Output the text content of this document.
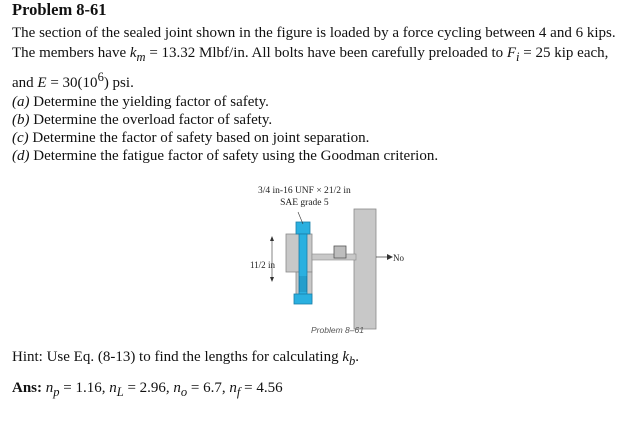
Problem 8-61
The section of the sealed joint shown in the figure is loaded by a force cycling between 4 and 6 kips. The members have $k_m = 13.32$ Mlbf/in. All bolts have been carefully preloaded to $F_i = 25$ kip each, and $E = 30(10^6)$ psi.
(a) Determine the yielding factor of safety.
(b) Determine the overload factor of safety.
(c) Determine the factor of safety based on joint separation.
(d) Determine the fatigue factor of safety using the Goodman criterion.
3/4 in-16 UNF × 21/2 in
SAE grade 5
11/2 in
No
Problem 8–61
Hint: Use Eq. (8-13) to find the lengths for calculating $k_b$.
Ans: $n_p = 1.16$, $n_L = 2.96$, $n_o = 6.7$, $n_f = 4.56$
